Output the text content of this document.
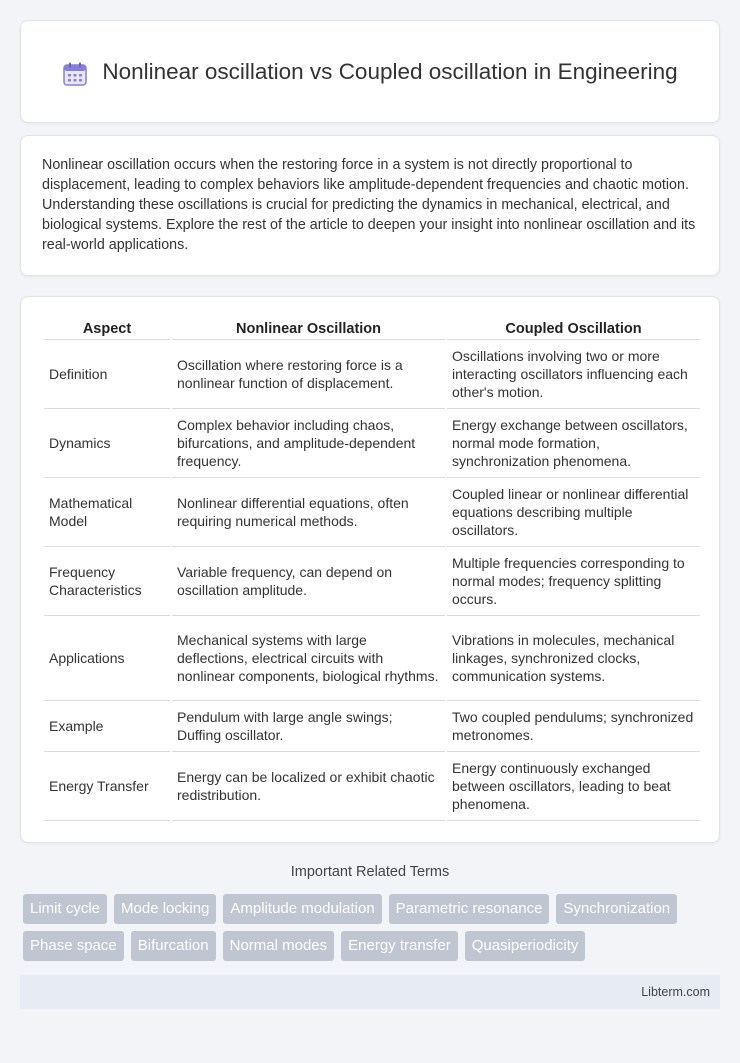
Nonlinear oscillation vs Coupled oscillation in Engineering

Nonlinear oscillation occurs when the restoring force in a system is not directly proportional to displacement, leading to complex behaviors like amplitude-dependent frequencies and chaotic motion. Understanding these oscillations is crucial for predicting the dynamics in mechanical, electrical, and biological systems. Explore the rest of the article to deepen your insight into nonlinear oscillation and its real-world applications.

Aspect	Nonlinear Oscillation	Coupled Oscillation
Definition	Oscillation where restoring force is a nonlinear function of displacement.	Oscillations involving two or more interacting oscillators influencing each other's motion.
Dynamics	Complex behavior including chaos, bifurcations, and amplitude-dependent frequency.	Energy exchange between oscillators, normal mode formation, synchronization phenomena.
Mathematical Model	Nonlinear differential equations, often requiring numerical methods.	Coupled linear or nonlinear differential equations describing multiple oscillators.
Frequency Characteristics	Variable frequency, can depend on oscillation amplitude.	Multiple frequencies corresponding to normal modes; frequency splitting occurs.
Applications	Mechanical systems with large deflections, electrical circuits with nonlinear components, biological rhythms.	Vibrations in molecules, mechanical linkages, synchronized clocks, communication systems.
Example	Pendulum with large angle swings; Duffing oscillator.	Two coupled pendulums; synchronized metronomes.
Energy Transfer	Energy can be localized or exhibit chaotic redistribution.	Energy continuously exchanged between oscillators, leading to beat phenomena.
Important Related Terms
Limit cycle	Mode locking	Amplitude modulation	Parametric resonance	Synchronization
Phase space	Bifurcation	Normal modes	Energy transfer	Quasiperiodicity
Libterm.com
